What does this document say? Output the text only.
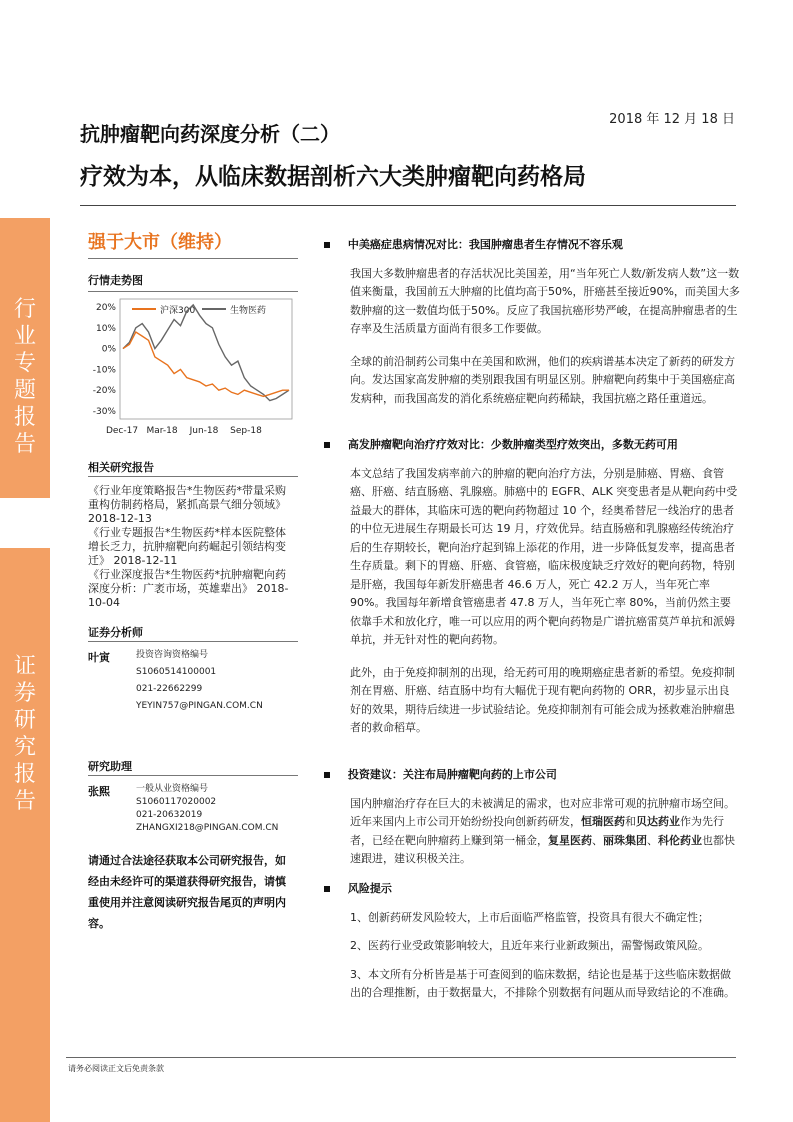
行
业
专
题
报
告
证
券
研
究
报
告
2018 年 12 月 18 日
抗肿瘤靶向药深度分析（二）
疗效为本，从临床数据剖析六大类肿瘤靶向药格局
强于大市（维持）
行情走势图
沪深300	生物医药
20%
10%
0%
-10%
-20%
-30%
Dec-17 Mar-18 Jun-18 Sep-18
相关研究报告
《行业年度策略报告*生物医药*带量采购重构仿制药格局，紧抓高景气细分领域》 2018-12-13
《行业专题报告*生物医药*样本医院整体增长乏力，抗肿瘤靶向药崛起引领结构变迁》 2018-12-11
《行业深度报告*生物医药*抗肿瘤靶向药深度分析：广袤市场，英雄辈出》 2018-10-04
证券分析师
叶寅	投资咨询资格编号
S1060514100001
021-22662299
YEYIN757@PINGAN.COM.CN
研究助理
张熙	一般从业资格编号
S1060117020002
021-20632019
ZHANGXI218@PINGAN.COM.CN
请通过合法途径获取本公司研究报告，如经由未经许可的渠道获得研究报告，请慎重使用并注意阅读研究报告尾页的声明内容。
中美癌症患病情况对比：我国肿瘤患者生存情况不容乐观
我国大多数肿瘤患者的存活状况比美国差，用“当年死亡人数/新发病人数”这一数值来衡量，我国前五大肿瘤的比值均高于50%，肝癌甚至接近90%，而美国大多数肿瘤的这一数值均低于50%。反应了我国抗癌形势严峻，在提高肿瘤患者的生存率及生活质量方面尚有很多工作要做。
全球的前沿制药公司集中在美国和欧洲，他们的疾病谱基本决定了新药的研发方向。发达国家高发肿瘤的类别跟我国有明显区别。肿瘤靶向药集中于美国癌症高发病种，而我国高发的消化系统癌症靶向药稀缺，我国抗癌之路任重道远。
高发肿瘤靶向治疗疗效对比：少数肿瘤类型疗效突出，多数无药可用
本文总结了我国发病率前六的肿瘤的靶向治疗方法，分别是肺癌、胃癌、食管癌、肝癌、结直肠癌、乳腺癌。肺癌中的 EGFR、ALK 突变患者是从靶向药中受益最大的群体，其临床可选的靶向药物超过 10 个，经奥希替尼一线治疗的患者的中位无进展生存期最长可达 19 月，疗效优异。结直肠癌和乳腺癌经传统治疗后的生存期较长，靶向治疗起到锦上添花的作用，进一步降低复发率，提高患者生存质量。剩下的胃癌、肝癌、食管癌，临床极度缺乏疗效好的靶向药物，特别是肝癌，我国每年新发肝癌患者 46.6 万人，死亡 42.2 万人，当年死亡率 90%。我国每年新增食管癌患者 47.8 万人，当年死亡率 80%，当前仍然主要依靠手术和放化疗，唯一可以应用的两个靶向药物是广谱抗癌雷莫芦单抗和派姆单抗，并无针对性的靶向药物。
此外，由于免疫抑制剂的出现，给无药可用的晚期癌症患者新的希望。免疫抑制剂在胃癌、肝癌、结直肠中均有大幅优于现有靶向药物的 ORR，初步显示出良好的效果，期待后续进一步试验结论。免疫抑制剂有可能会成为拯救难治肿瘤患者的救命稻草。
投资建议：关注布局肿瘤靶向药的上市公司
国内肿瘤治疗存在巨大的未被满足的需求，也对应非常可观的抗肿瘤市场空间。近年来国内上市公司开始纷纷投向创新药研发，恒瑞医药和贝达药业作为先行者，已经在靶向肿瘤药上赚到第一桶金，复星医药、丽珠集团、科伦药业也都快速跟进，建议积极关注。
风险提示
1、创新药研发风险较大，上市后面临严格监管，投资具有很大不确定性；
2、医药行业受政策影响较大，且近年来行业新政频出，需警惕政策风险。
3、本文所有分析皆是基于可查阅到的临床数据，结论也是基于这些临床数据做出的合理推断，由于数据量大，不排除个别数据有问题从而导致结论的不准确。
请务必阅读正文后免责条款
